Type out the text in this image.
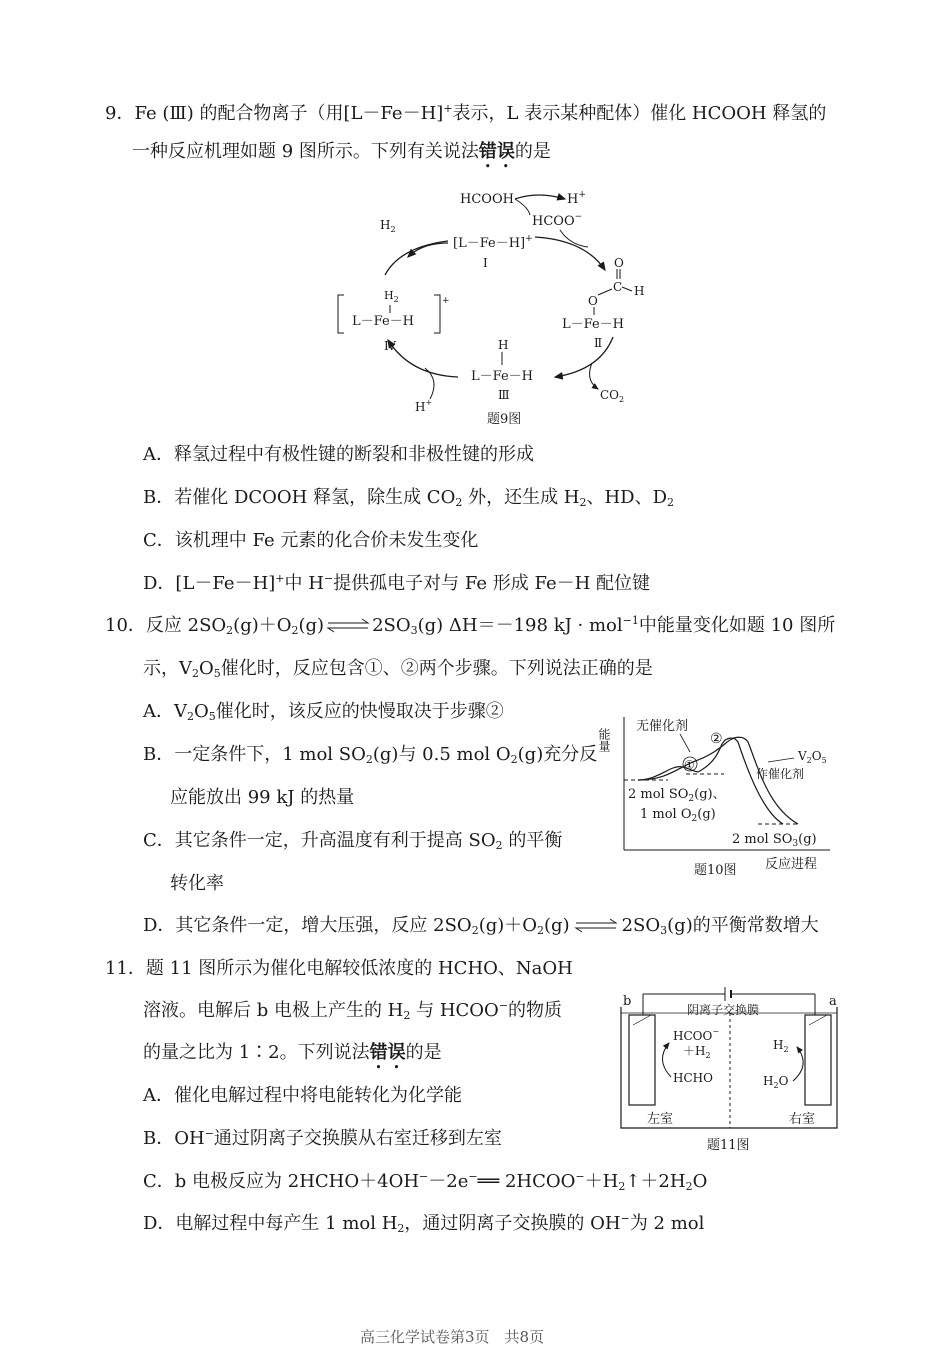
9．Fe (Ⅲ) 的配合物离子（用[L－Fe－H]+表示，L 表示某种配体）催化 HCOOH 释氢的
一种反应机理如题 9 图所示。下列有关说法错误的是
HCOOH	H+
HCOO−
$H_2$
[L－Fe－H]+
Ⅰ	O
C H
O
L－Fe－H
Ⅱ
$CO_2$
H
L－Fe－H
Ⅲ
H+
+
$H_2$
L－Fe－H
Ⅳ
题9图
A．释氢过程中有极性键的断裂和非极性键的形成
B．若催化 DCOOH 释氢，除生成 $CO_2$ 外，还生成 $H_2$、HD、$D_2$
C．该机理中 Fe 元素的化合价未发生变化
D．[L－Fe－H]+中 H−提供孤电子对与 Fe 形成 Fe－H 配位键
10．反应 $2SO_2(g)+O_2(g)\rightleftharpoons 2SO_3(g)$ ΔH＝－198 kJ · mol$^{-1}$中能量变化如题 10 图所
示，$V_2O_5$催化时，反应包含①、②两个步骤。下列说法正确的是
A．$V_2O_5$催化时，该反应的快慢取决于步骤②
B．一定条件下，1 mol $SO_2(g)$与 0.5 mol $O_2(g)$充分反
应能放出 99 kJ 的热量
C．其它条件一定，升高温度有利于提高 $SO_2$ 的平衡
转化率
D．其它条件一定，增大压强，反应 $2SO_2(g)+O_2(g)$	$2SO_3(g)$的平衡常数增大
能量
反应进程
无催化剂
①
②
$V_2O_5$
作催化剂
2 mol $SO_2(g)$、
1 mol $O_2(g)$
2 mol $SO_3(g)$
题10图
11．题 11 图所示为催化电解较低浓度的 HCHO、NaOH
溶液。电解后 b 电极上产生的 $H_2$ 与 HCOO−的物质
的量之比为 1∶2。下列说法错误的是
A．催化电解过程中将电能转化为化学能
B．OH−通过阴离子交换膜从右室迁移到左室
C．b 电极反应为 2HCHO＋4OH−－2e−══ $2HCOO^-+H_2↑+2H_2O$
D．电解过程中每产生 1 mol $H_2$，通过阴离子交换膜的 OH−为 2 mol
b	a
阴离子交换膜
HCOO−
$+H_2$
HCHO
$H_2$
$H_2O$
左室	右室
题11图
高三化学试卷第3页　共8页
